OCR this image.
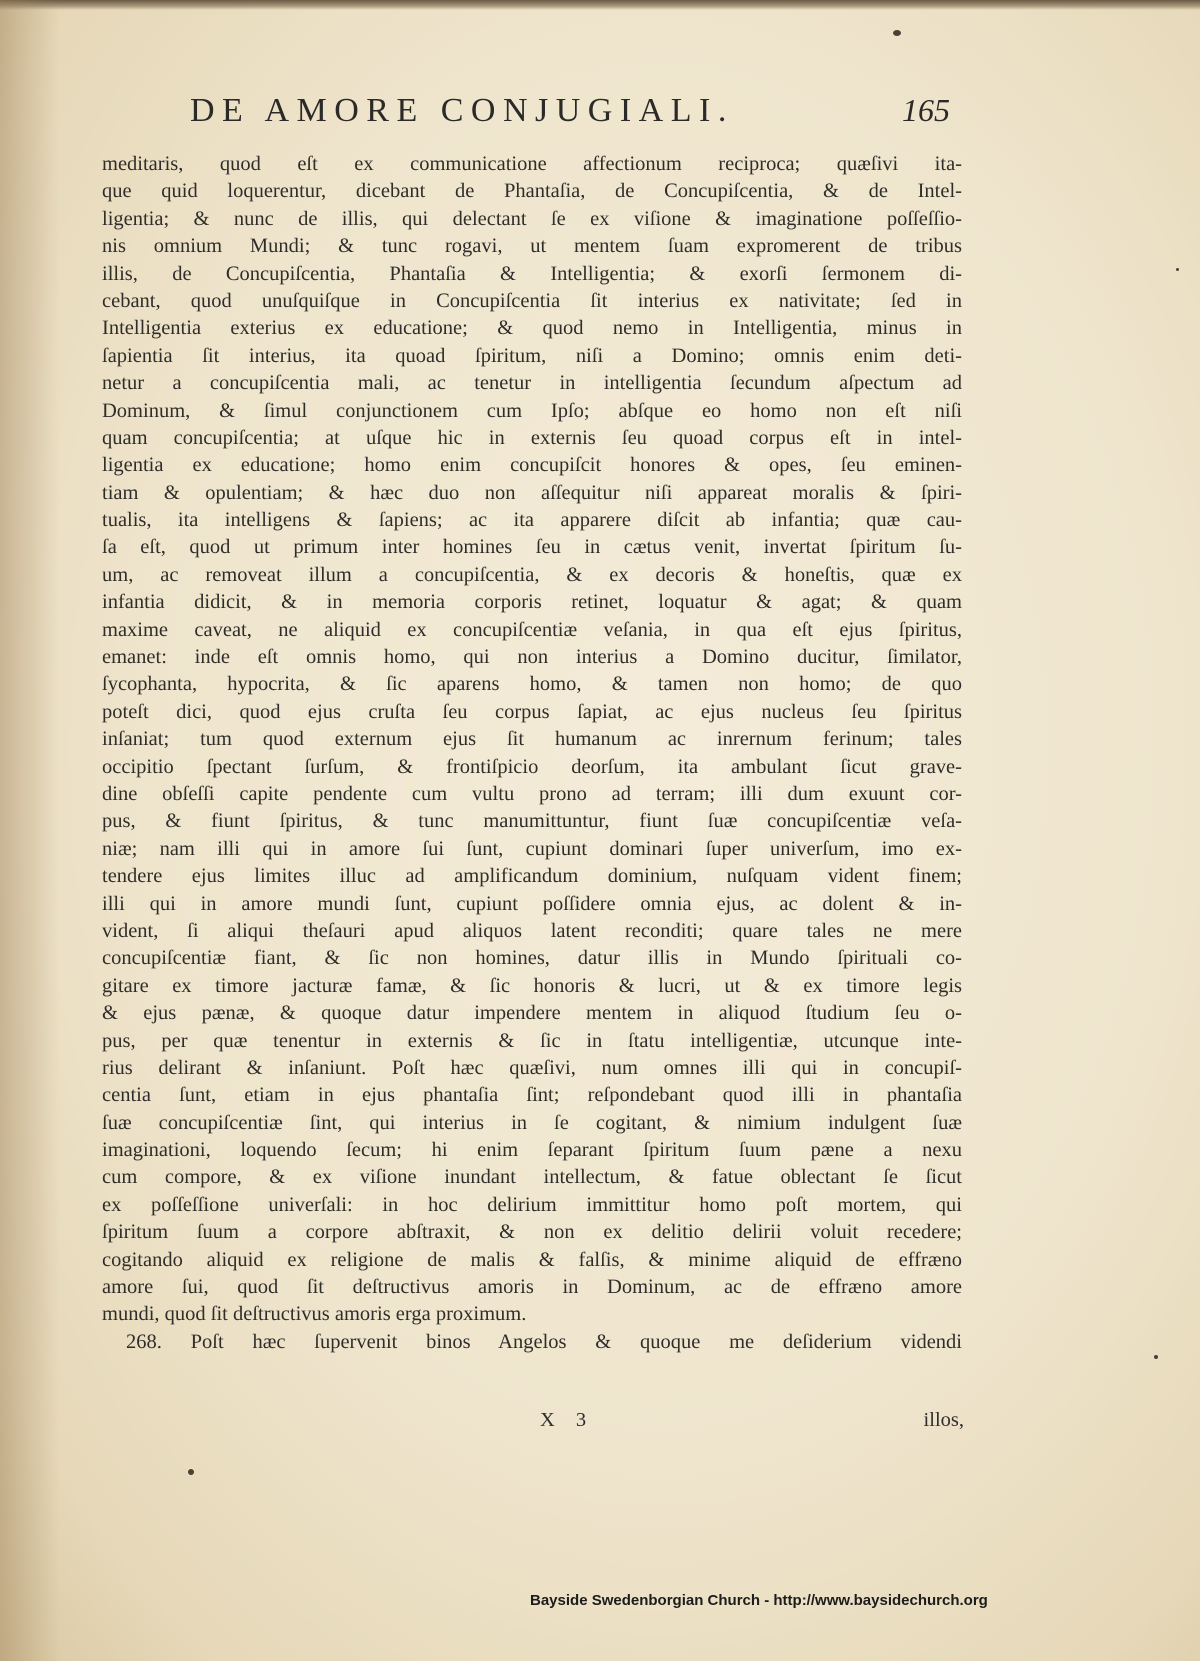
DE AMORE CONJUGIALI.	165
meditaris, quod eſt ex communicatione affectionum reciproca; quæſivi ita-
que quid loquerentur, dicebant de Phantaſia, de Concupiſcentia, & de Intel-
ligentia; & nunc de illis, qui delectant ſe ex viſione & imaginatione poſſeſſio-
nis omnium Mundi; & tunc rogavi, ut mentem ſuam expromerent de tribus
illis, de Concupiſcentia, Phantaſia & Intelligentia; & exorſi ſermonem di-
cebant, quod unuſquiſque in Concupiſcentia ſit interius ex nativitate; ſed in
Intelligentia exterius ex educatione; & quod nemo in Intelligentia, minus in
ſapientia ſit interius, ita quoad ſpiritum, niſi a Domino; omnis enim deti-
netur a concupiſcentia mali, ac tenetur in intelligentia ſecundum aſpectum ad
Dominum, & ſimul conjunctionem cum Ipſo; abſque eo homo non eſt niſi
quam concupiſcentia; at uſque hic in externis ſeu quoad corpus eſt in intel-
ligentia ex educatione; homo enim concupiſcit honores & opes, ſeu eminen-
tiam & opulentiam; & hæc duo non aſſequitur niſi appareat moralis & ſpiri-
tualis, ita intelligens & ſapiens; ac ita apparere diſcit ab infantia; quæ cau-
ſa eſt, quod ut primum inter homines ſeu in cætus venit, invertat ſpiritum ſu-
um, ac removeat illum a concupiſcentia, & ex decoris & honeſtis, quæ ex
infantia didicit, & in memoria corporis retinet, loquatur & agat; & quam
maxime caveat, ne aliquid ex concupiſcentiæ veſania, in qua eſt ejus ſpiritus,
emanet: inde eſt omnis homo, qui non interius a Domino ducitur, ſimilator,
ſycophanta, hypocrita, & ſic aparens homo, & tamen non homo; de quo
poteſt dici, quod ejus cruſta ſeu corpus ſapiat, ac ejus nucleus ſeu ſpiritus
inſaniat; tum quod externum ejus ſit humanum ac inrernum ferinum; tales
occipitio ſpectant ſurſum, & frontiſpicio deorſum, ita ambulant ſicut grave-
dine obſeſſi capite pendente cum vultu prono ad terram; illi dum exuunt cor-
pus, & fiunt ſpiritus, & tunc manumittuntur, fiunt ſuæ concupiſcentiæ veſa-
niæ; nam illi qui in amore ſui ſunt, cupiunt dominari ſuper univerſum, imo ex-
tendere ejus limites illuc ad amplificandum dominium, nuſquam vident finem;
illi qui in amore mundi ſunt, cupiunt poſſidere omnia ejus, ac dolent & in-
vident, ſi aliqui theſauri apud aliquos latent reconditi; quare tales ne mere
concupiſcentiæ fiant, & ſic non homines, datur illis in Mundo ſpirituali co-
gitare ex timore jacturæ famæ, & ſic honoris & lucri, ut & ex timore legis
& ejus pænæ, & quoque datur impendere mentem in aliquod ſtudium ſeu o-
pus, per quæ tenentur in externis & ſic in ſtatu intelligentiæ, utcunque inte-
rius delirant & inſaniunt. Poſt hæc quæſivi, num omnes illi qui in concupiſ-
centia ſunt, etiam in ejus phantaſia ſint; reſpondebant quod illi in phantaſia
ſuæ concupiſcentiæ ſint, qui interius in ſe cogitant, & nimium indulgent ſuæ
imaginationi, loquendo ſecum; hi enim ſeparant ſpiritum ſuum pæne a nexu
cum compore, & ex viſione inundant intellectum, & fatue oblectant ſe ſicut
ex poſſeſſione univerſali: in hoc delirium immittitur homo poſt mortem, qui
ſpiritum ſuum a corpore abſtraxit, & non ex delitio delirii voluit recedere;
cogitando aliquid ex religione de malis & falſis, & minime aliquid de effræno
amore ſui, quod ſit deſtructivus amoris in Dominum, ac de effræno amore
mundi, quod ſit deſtructivus amoris erga proximum.
268. Poſt hæc ſupervenit binos Angelos & quoque me deſiderium videndi
X 3	illos,
Bayside Swedenborgian Church - http://www.baysidechurch.org
